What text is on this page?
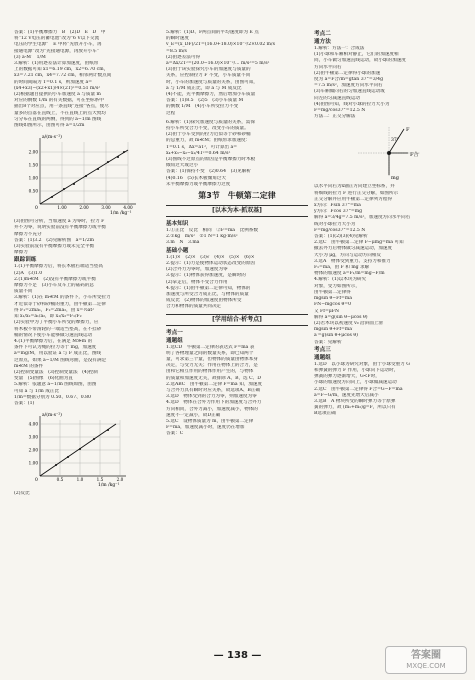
答案：(1)平衡摩擦力　B　(2)D　E　D　中
将“12 V电压的蓄电池”改为“6 V以下交流
电压的学生电源”　E 中将“先放开小车，再
接通电源”改为“先接通电源，再放开小车”
(3) a-M′　1/M
3.解析：(1)用逐差法计算加速度，由纸带
上的数据可知 x1=6.19 cm，x2=6.70 cm，
x3=7.21 cm，x4=7.72 cm，相邻两计数点间
的时间间隔为 T=0.1 s，则加速度 a=
(x4+x3)−(x2+x1)/4×(2T)²=0.51 m/s²
(2)根据题目提供的小车加速度 a 与质量 m
对应的倒数 1/m 的有关数据，可在坐标系中
描出8个对应点，用一条直线“连接”各点，使尽
量多的点落在直线上，不在直线上的点大致均
匀分布在直线的两侧，得到的 a−1/m 图线
图线如图所示，由图可得 a=1/2m
a/(m·s⁻²)
1/m /kg⁻¹
0
2.00
1.50
1.00
0.50
1.00	2.00	3.00	4.00
(3)由图可分析，当加速度 a 为零时，拉力 F
并不为零，说明实验前没有平衡摩擦力或平衡
摩擦力不充分
答案：(1)3.2　(2)见解析图　a=1/2m
(3)实验前没有平衡摩擦力或未完全平衡
摩擦力
跟踪训练
1.(1)平衡摩擦力后，将长木板右端适当垫高
(2)A　(3)1.0
2.(1)m≪M　(2)没有平衡摩擦力或平衡
摩擦力不足　(3)小车及车上的砝码的总
质量不同
3.解析：(1)在 m≪M 的条件下，小车所受拉力
才近似等于砂和砂桶的重力，由牛顿第二定律
得 F₁=2ma₁，F₂=2ma₂，由 x=½at²
知 x₁/x₂=a₁/a₂，即 x₁/x₂=F₁/F₂
(2)实验中为了平衡小车所受的摩擦力，应
将木板不带滑轮的一端适当垫高，在不挂砂
桶的情况下使小车能够做匀速直线运动
4.(1)平衡摩擦力后，在满足 M≫m 的
条件下可认为绳的拉力等于 mg，加速度
a=mg/M，用以验证 a 与 F 成正比，图线
过原点，如果 a−1/M 图线弯曲，是没有满足
m≪M 的条件
(2)控制变量法　(3)控制变量法　(4)控制
变量　(5)图像　(6)化曲为直
5.解析：依题意 a−1/m 图线如图，由图
可知 a 与 1/m 成正比
1/m=数据分别为 0.50、0.67、0.80
答案：(1)
a/(m·s⁻²)
1/m /kg⁻¹
0
4.00
3.00
2.00
1.00
0.5	1.0	1.5	2.0
(2)反比
5.解析：(1)D、F两点间的平均速度即为 E 点
的瞬时速度
v_E=(x_DF)/2T=(16.0+18.0)×10⁻²/2×0.02 m/s
=8.5 m/s
(2)由逐差法可得
a=Δx/2T²=(20.0−16.0)×10⁻²/... m/s²=5 m/s²
(3)由于该实验探究小车的加速度与质量的
关系，应控制拉力 F 不变，小车质量不同
时，小车的加速度与质量的关系，由图可知，
a 与 1/M 成正比，即 a 与 M 成反比
(4)不能，先平衡摩擦力，然后增加小车质量
答案：(1)8.5　(2)5　(3)小车质量 M
的倒数 1/M　(4)小车所受拉力不变
过程
6.解析：(1)探究加速度与质量的关系，需保
持小车所受合力不变，改变小车的质量。
(2)由于小车受到的拉力近似等于砂和砂桶
的总重力，故 m≪M；由纸带求加速度：
T=0.1 s，Δx=aT²，可计算出 a=
x₄+x₃−x₂−x₁/4T²=0.64 m/s²
(3)图线不过原点的原因是平衡摩擦力时木板
倾角过大或过小
答案：(1)保持不变　(2)0.64　(3)见解析
(4)0.16　(5)长木板倾角过大
未平衡摩擦力或平衡摩擦力过度
第3节　牛顿第二定律
[以本为本·抓双基]
基本知识
1.①正比　反比　相同　②F=ma　比例系数
2.①kg　m/s²　②1 N=1 kg·m/s²
3.m　N　3.ma
基础小题
1.(1)×　(2)×　(3)√　(4)×　(5)×　(6)×
2.提示：(1)力是使物体运动状态改变的原因
(2)合外力为零时，加速度为零
3.提示：(1)物体获得加速度，是瞬时的
(2)拿走后，物体不受合力作用
4.提示：(1)由牛顿第二定律可知，物体的
加速度与所受合力成正比，与物体的质量
成反比　(2)物体的加速度由物体所受
合力和物体的质量共同决定
[学用结合·析考点]
考点一
通题组
1.选CD　牛顿第二定律的表达式 F=ma 表
明了各物理量之间的数量关系，即已知两个
量，可求第三个量，但物体的质量由物体本身
决定，与受力无关；作用在物体上的合力，是
由和它相互作用的物体作用产生的，与物体
的质量和加速度无关，故排除 A、B，选 C、D
2.选ABC　由牛顿第二定律 F=ma 知，加速度
与合外力具有瞬时对应关系，故选项A、B正确
3.选D　物体受到的合力为零，则加速度为零
4.选D　物体在合外力作用下的加速度与合外力
方向相同，合外力减小，加速度减小，物体的
速度不一定减小，故D正确
5.选C　设物体质量为 m，由牛顿第二定律
F=ma，加速度减小时，速度仍在增加
答案：C
考点二
通方法
1.解析：方法一：合成法
(1)小球和车厢相对静止，它们的加速度相
同，小车做匀加速直线运动，故小球的加速度
方向水平向右
(2)由牛顿第二定律得小球的加速
度为 a=F合/m=gtan 37°=3/4g
=7.5 m/s²，加速度方向水平向右
(3)车厢做向右的匀加速直线运动或
向左的匀减速直线运动
(4)由图可知，线对小球的拉力大小为
F=mg/cos37°=12.5 N
方法二：正交分解法
37°
F
mg
F合
以水平向右为x轴正方向建立坐标系，并
将细线的拉力 F 进行正交分解，如图所示
正交分解并应用牛顿第二定律列方程得
x方向：Fsin 37°=ma
y方向：Fcos 37°=mg
解得 a=3/4g=7.5 m/s²，加速度方向水平向右
线对小球拉力大小为
F=mg/cos37°=12.5 N
答案：(1)(2)(3)(4)见解析
2.选C　由牛顿第二定律 F−μmg=ma 可知
撤去外力后物体做匀减速运动，加速度
大小为 μg，方向与运动方向相反
3.选A　物体受到重力、支持力和推力
F₁=ma，由 F 和 mg 求解
物体的加速度 a=F₁/m=mg−F/m
4.解析：(1)以木块为研究
对象，受力如图所示，
由牛顿第二定律得
mgsin θ−Ff=ma
FN−mgcos θ=0
又 Ff=μFN
解得 a=g(sin θ−μcos θ)
(2)若木块以初速度 v₀ 沿斜面上滑
mgsin θ+Ff=ma′
a′=g(sin θ+μcos θ)
答案：见解析
考点三
通题组
1.选D　以小球为研究对象，由于小球受重力 G
和弹簧的弹力 F 作用，小球向下运动时，
弹簧的弹力逐渐增大，G<F时，
小球的加速度方向向上，小球做减速运动
2.选C　由牛顿第二定律得 F合=G−F=ma
a=F−G/m，速度先增大后减小
3.选B　A 物块所受的瞬时弹力等于原弹
簧的弹力，故 (m₁+m₂)g=F，所以只有
B选项正确
— 138 —	答案圈
MXQE.COM
